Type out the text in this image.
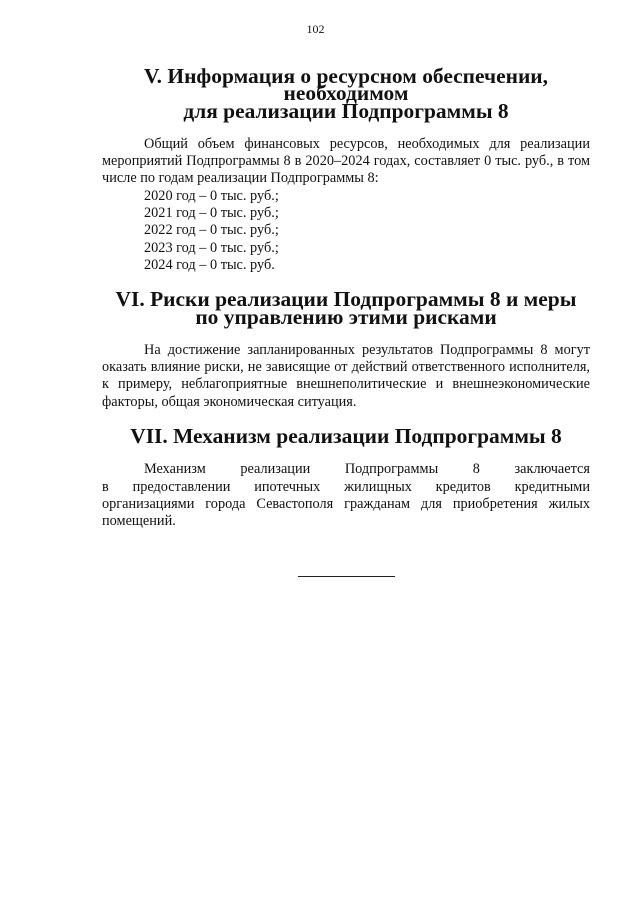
102
V. Информация о ресурсном обеспечении, необходимом
для реализации Подпрограммы 8

Общий объем финансовых ресурсов, необходимых для реализации мероприятий Подпрограммы 8 в 2020–2024 годах, составляет 0 тыс. руб., в том числе по годам реализации Подпрограммы 8:

2020 год – 0 тыс. руб.;
2021 год – 0 тыс. руб.;
2022 год – 0 тыс. руб.;
2023 год – 0 тыс. руб.;
2024 год – 0 тыс. руб.
VI. Риски реализации Подпрограммы 8 и меры
по управлению этими рисками

На достижение запланированных результатов Подпрограммы 8 могут оказать влияние риски, не зависящие от действий ответственного исполнителя, к примеру, неблагоприятные внешнеполитические и внешнеэкономические факторы, общая экономическая ситуация.

VII. Механизм реализации Подпрограммы 8
Механизм реализации Подпрограммы 8 заключается
в предоставлении ипотечных жилищных кредитов кредитными

организациями города Севастополя гражданам для приобретения жилых помещений.
